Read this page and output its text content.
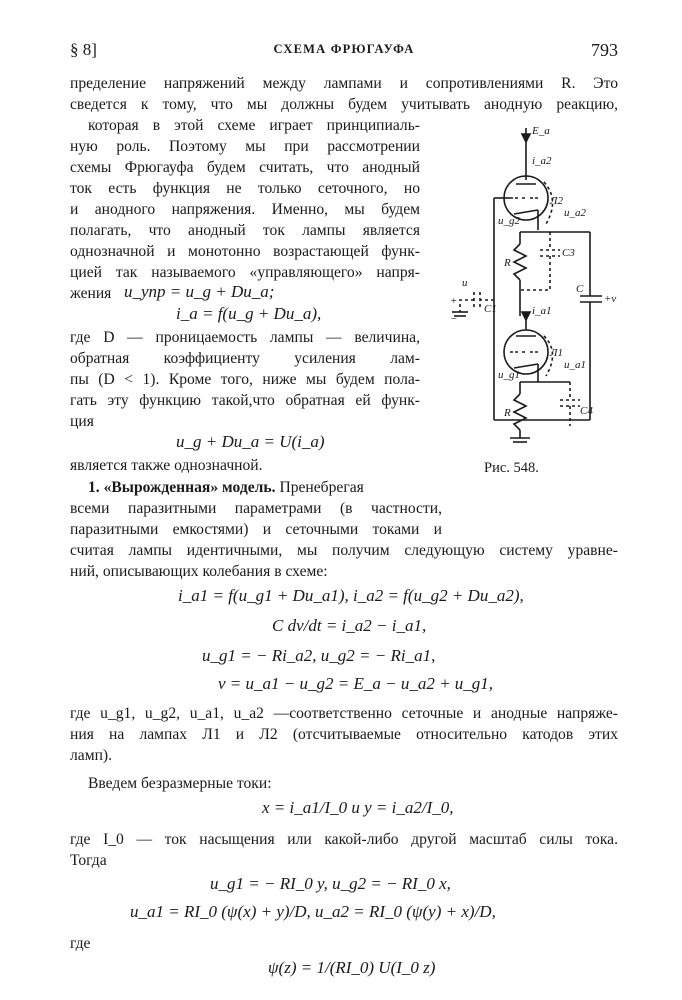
§ 8]	СХЕМА ФРЮГАУФА	793
пределение напряжений между лампами и сопротивлениями R. Это
сведется к тому, что мы должны будем учитывать анодную реакцию,
которая в этой схеме играет принципиаль-
ную роль. Поэтому мы при рассмотрении
схемы Фрюгауфа будем считать, что анодный
ток есть функция не только сеточного, но
и анодного напряжения. Именно, мы будем
полагать, что анодный ток лампы является
однозначной и монотонно возрастающей функ-
цией так называемого «управляющего» напря-
жения u_упр = u_g + Du_a;
i_a = f(u_g + Du_a),
где D — проницаемость лампы — величина,
обратная коэффициенту усиления лам-
пы (D < 1). Кроме того, ниже мы будем пола-
гать эту функцию такой,что обратная ей функ-
ция
u_g + Du_a = U(i_a)
является также однозначной.
1. «Вырожденная» модель. Пренебрегая
всеми паразитными параметрами (в частности,
паразитными емкостями) и сеточными токами и
считая лампы идентичными, мы получим следующую систему уравне-
ний, описывающих колебания в схеме:
i_a1 = f(u_g1 + Du_a1), i_a2 = f(u_g2 + Du_a2),
C dv/dt = i_a2 − i_a1,
u_g1 = − Ri_a2, u_g2 = − Ri_a1,
v = u_a1 − u_g2 = E_a − u_a2 + u_g1,
где u_g1, u_g2, u_a1, u_a2 —соответственно сеточные и анодные напряже-
ния на лампах Л1 и Л2 (отсчитываемые относительно катодов этих
ламп).
Введем безразмерные токи:
x = i_a1/I_0 и y = i_a2/I_0,
где I_0 — ток насыщения или какой-либо другой масштаб силы тока.
Тогда
u_g1 = − RI_0 y, u_g2 = − RI_0 x,
u_a1 = RI_0 (ψ(x) + y)/D, u_a2 = RI_0 (ψ(y) + x)/D,
где
ψ(z) = 1/(RI_0) U(I_0 z)
E_a
i_a2
Л2
u_a2
u_g2
C3
R
u
+
−
C1
C
+v
i_a1
Л1
u_a1
u_g1
R	C4
Рис. 548.
